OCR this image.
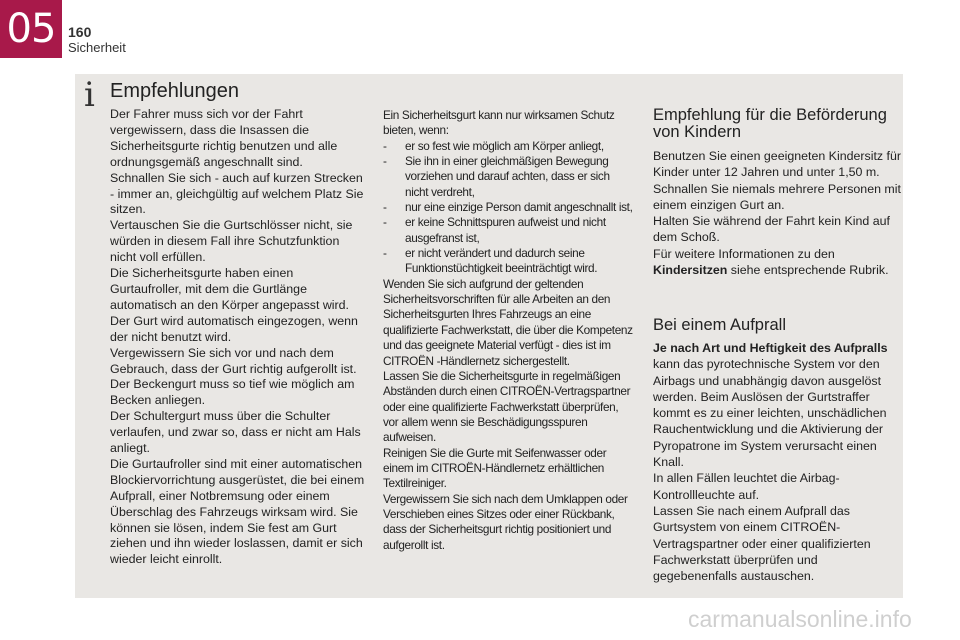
05 160
Sicherheit
i Empfehlungen

Der Fahrer muss sich vor der Fahrt vergewissern, dass die Insassen die Sicherheitsgurte richtig benutzen und alle ordnungsgemäß angeschnallt sind.

Schnallen Sie sich - auch auf kurzen Strecken - immer an, gleichgültig auf welchem Platz Sie sitzen.

Vertauschen Sie die Gurtschlösser nicht, sie würden in diesem Fall ihre Schutzfunktion nicht voll erfüllen.

Die Sicherheitsgurte haben einen Gurtaufroller, mit dem die Gurtlänge automatisch an den Körper angepasst wird. Der Gurt wird automatisch eingezogen, wenn der nicht benutzt wird.

Vergewissern Sie sich vor und nach dem Gebrauch, dass der Gurt richtig aufgerollt ist.

Der Beckengurt muss so tief wie möglich am Becken anliegen.

Der Schultergurt muss über die Schulter verlaufen, und zwar so, dass er nicht am Hals anliegt.

Die Gurtaufroller sind mit einer automatischen Blockiervorrichtung ausgerüstet, die bei einem Aufprall, einer Notbremsung oder einem Überschlag des Fahrzeugs wirksam wird. Sie können sie lösen, indem Sie fest am Gurt ziehen und ihn wieder loslassen, damit er sich wieder leicht einrollt.

Ein Sicherheitsgurt kann nur wirksamen Schutz bieten, wenn:

- er so fest wie möglich am Körper anliegt,

- Sie ihn in einer gleichmäßigen Bewegung vorziehen und darauf achten, dass er sich nicht verdreht,

- nur eine einzige Person damit angeschnallt ist,

- er keine Schnittspuren aufweist und nicht ausgefranst ist,

- er nicht verändert und dadurch seine Funktionstüchtigkeit beeinträchtigt wird.

Wenden Sie sich aufgrund der geltenden Sicherheitsvorschriften für alle Arbeiten an den Sicherheitsgurten Ihres Fahrzeugs an eine qualifizierte Fachwerkstatt, die über die Kompetenz und das geeignete Material verfügt - dies ist im CITROËN -Händlernetz sichergestellt.

Lassen Sie die Sicherheitsgurte in regelmäßigen Abständen durch einen CITROËN-Vertragspartner oder eine qualifizierte Fachwerkstatt überprüfen, vor allem wenn sie Beschädigungsspuren aufweisen.

Reinigen Sie die Gurte mit Seifenwasser oder einem im CITROËN-Händlernetz erhältlichen Textilreiniger.

Vergewissern Sie sich nach dem Umklappen oder Verschieben eines Sitzes oder einer Rückbank, dass der Sicherheitsgurt richtig positioniert und aufgerollt ist.

Empfehlung für die Beförderung von Kindern

Benutzen Sie einen geeigneten Kindersitz für Kinder unter 12 Jahren und unter 1,50 m.

Schnallen Sie niemals mehrere Personen mit einem einzigen Gurt an.

Halten Sie während der Fahrt kein Kind auf dem Schoß.

Für weitere Informationen zu den Kindersitzen siehe entsprechende Rubrik.

Bei einem Aufprall

Je nach Art und Heftigkeit des Aufpralls kann das pyrotechnische System vor den Airbags und unabhängig davon ausgelöst werden. Beim Auslösen der Gurtstraffer kommt es zu einer leichten, unschädlichen Rauchentwicklung und die Aktivierung der Pyropatrone im System verursacht einen Knall.

In allen Fällen leuchtet die Airbag-Kontrollleuchte auf.

Lassen Sie nach einem Aufprall das Gurtsystem von einem CITROËN-Vertragspartner oder einer qualifizierten Fachwerkstatt überprüfen und gegebenenfalls austauschen.

carmanualsonline.info
